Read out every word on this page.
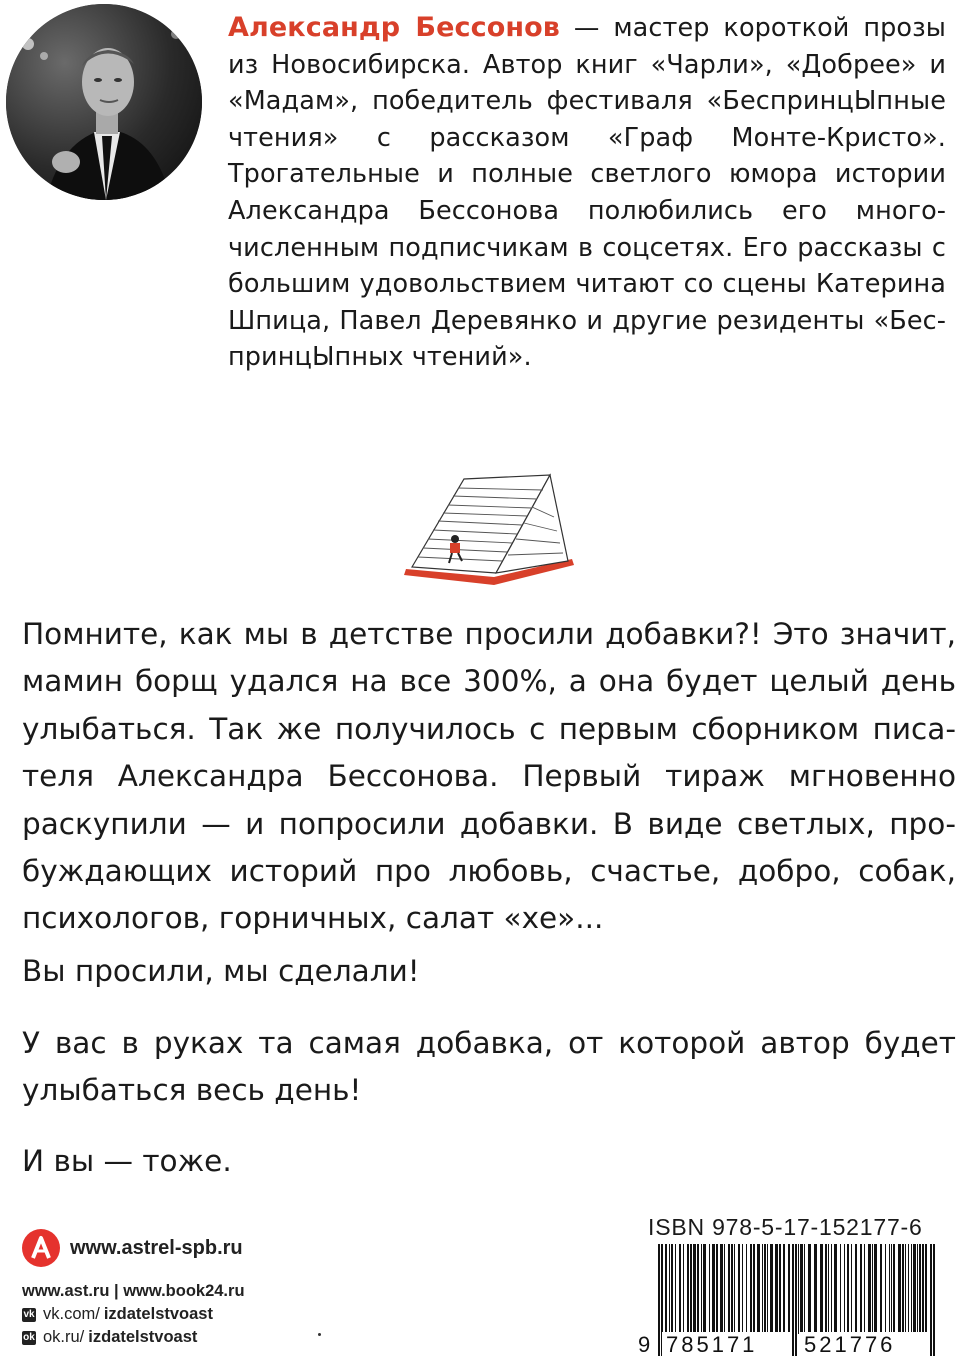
Александр Бессонов — мастер короткой прозы из Новосибирска. Автор книг «Чарли», «Добрее» и «Мадам», победитель фестиваля «БеспринцЫпные чтения» с рассказом «Граф Монте-Кристо». Трогательные и полные светлого юмора истории Александра Бессонова полюбились его многочисленным подписчикам в соцсетях. Его рассказы с большим удовольствием читают со сцены Катерина Шпица, Павел Деревянко и другие резиденты «БеспринцЫпных чтений».

Помните, как мы в детстве просили добавки?! Это значит, мамин борщ удался на все 300%, а она будет целый день улыбаться. Так же получилось с первым сборником писателя Александра Бессонова. Первый тираж мгновенно раскупили — и попросили добавки. В виде светлых, пробуждающих историй про любовь, счастье, добро, собак, психологов, горничных, салат «хе»...

Вы просили, мы сделали!

У вас в руках та самая добавка, от которой автор будет улыбаться весь день!

И вы — тоже.

www.astrel-spb.ru
www.ast.ru | www.book24.ru
vk vk.com/ izdatelstvoast
ok ok.ru/ izdatelstvoast
ISBN 978-5-17-152177-6
9 785171 521776
